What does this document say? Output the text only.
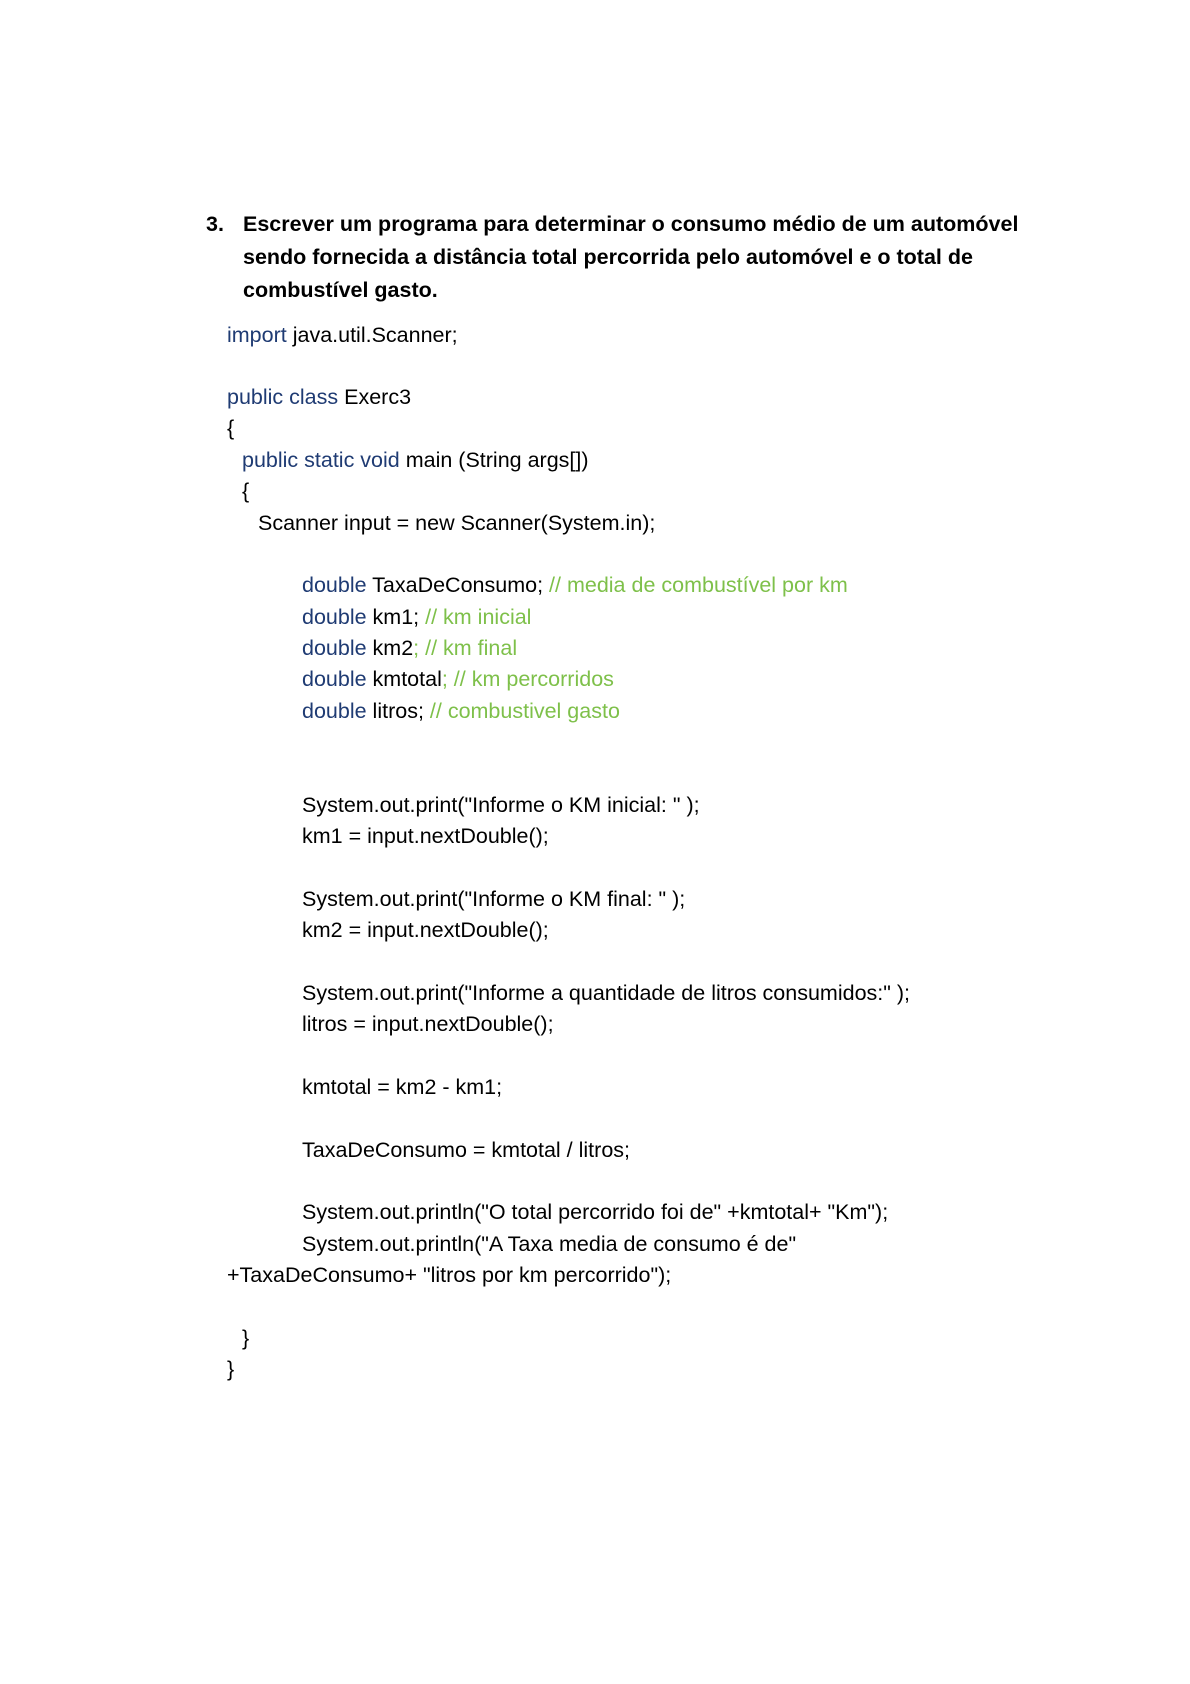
3. Escrever um programa para determinar o consumo médio de um automóvel sendo fornecida a distância total percorrida pelo automóvel e o total de combustível gasto.
import java.util.Scanner;
public class Exerc3
{
public static void main (String args[])
{
Scanner input = new Scanner(System.in);
double TaxaDeConsumo; // media de combustível por km
double km1; // km inicial
double km2; // km final
double kmtotal; // km percorridos
double litros; // combustivel gasto
System.out.print("Informe o KM inicial: " );
km1 = input.nextDouble();
System.out.print("Informe o KM final: " );
km2 = input.nextDouble();
System.out.print("Informe a quantidade de litros consumidos:" );
litros = input.nextDouble();
kmtotal = km2 - km1;
TaxaDeConsumo = kmtotal / litros;
System.out.println("O total percorrido foi de" +kmtotal+ "Km");
System.out.println("A Taxa media de consumo é de"
+TaxaDeConsumo+ "litros por km percorrido");
}
}
